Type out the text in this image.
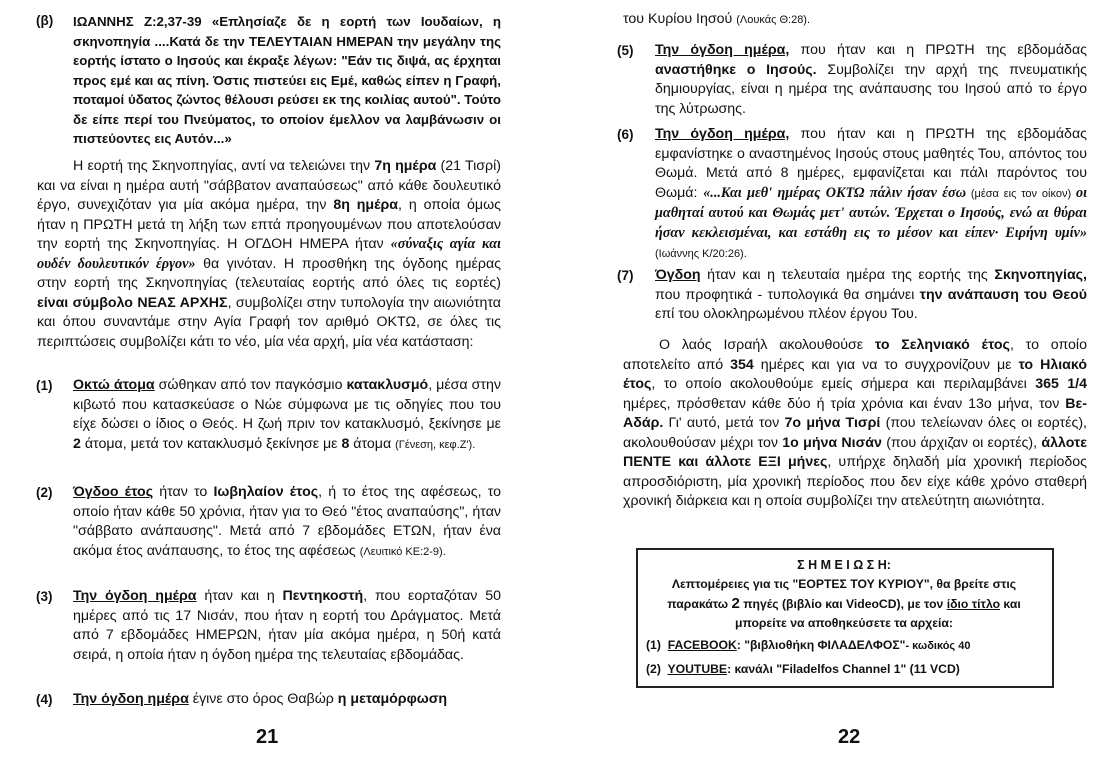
(β) ΙΩΑΝΝΗΣ Ζ:2,37-39 «Επλησίαζε δε η εορτή των Ιουδαίων, η σκηνοπηγία ....Κατά δε την ΤΕΛΕΥΤΑΙΑΝ ΗΜΕΡΑΝ την μεγάλην της εορτής ίστατο ο Ιησούς και έκραξε λέγων: "Εάν τις διψά, ας έρχηται προς εμέ και ας πίνη. Όστις πιστεύει εις Εμέ, καθώς είπεν η Γραφή, ποταμοί ύδατος ζώντος θέλουσι ρεύσει εκ της κοιλίας αυτού". Τούτο δε είπε περί του Πνεύματος, το οποίον έμελλον να λαμβάνωσιν οι πιστεύοντες εις Αυτόν...»
Η εορτή της Σκηνοπηγίας, αντί να τελειώνει την 7η ημέρα (21 Τισρί) και να είναι η ημέρα αυτή "σάββατον αναπαύσεως" από κάθε δουλευτικό έργο, συνεχιζόταν για μία ακόμα ημέρα, την 8η ημέρα, η οποία όμως ήταν η ΠΡΩΤΗ μετά τη λήξη των επτά προηγουμένων που αποτελούσαν την εορτή της Σκηνοπηγίας. Η ΟΓΔΟΗ ΗΜΕΡΑ ήταν «σύναξις αγία και ουδέν δουλευτικόν έργον» θα γινόταν. Η προσθήκη της όγδοης ημέρας στην εορτή της Σκηνοπηγίας (τελευταίας εορτής από όλες τις εορτές) είναι σύμβολο ΝΕΑΣ ΑΡΧΗΣ, συμβολίζει στην τυπολογία την αιωνιότητα και όπου συναντάμε στην Αγία Γραφή τον αριθμό ΟΚΤΩ, σε όλες τις περιπτώσεις συμβολίζει κάτι το νέο, μία νέα αρχή, μία νέα κατάσταση:
(1) Οκτώ άτομα σώθηκαν από τον παγκόσμιο κατακλυσμό, μέσα στην κιβωτό που κατασκεύασε ο Νώε σύμφωνα με τις οδηγίες που του είχε δώσει ο ίδιος ο Θεός. Η ζωή πριν τον κατακλυσμό, ξεκίνησε με 2 άτομα, μετά τον κατακλυσμό ξεκίνησε με 8 άτομα (Γένεση, κεφ.Ζ').
(2) Όγδοο έτος ήταν το Ιωβηλαίον έτος, ή το έτος της αφέσεως, το οποίο ήταν κάθε 50 χρόνια, ήταν για το Θεό "έτος αναπαύσης", ήταν "σάββατο ανάπαυσης". Μετά από 7 εβδομάδες ΕΤΩΝ, ήταν ένα ακόμα έτος ανάπαυσης, το έτος της αφέσεως (Λευιτικό ΚΕ:2-9).
(3) Την όγδοη ημέρα ήταν και η Πεντηκοστή, που εορταζόταν 50 ημέρες από τις 17 Νισάν, που ήταν η εορτή του Δράγματος. Μετά από 7 εβδομάδες ΗΜΕΡΩΝ, ήταν μία ακόμα ημέρα, η 50ή κατά σειρά, η οποία ήταν η όγδοη ημέρα της τελευταίας εβδομάδας.
(4) Την όγδοη ημέρα έγινε στο όρος Θαβώρ η μεταμόρφωση
21
του Κυρίου Ιησού (Λουκάς Θ:28).
(5) Την όγδοη ημέρα, που ήταν και η ΠΡΩΤΗ της εβδομάδας αναστήθηκε ο Ιησούς. Συμβολίζει την αρχή της πνευματικής δημιουργίας, είναι η ημέρα της ανάπαυσης του Ιησού από το έργο της λύτρωσης.
(6) Την όγδοη ημέρα, που ήταν και η ΠΡΩΤΗ της εβδομάδας εμφανίστηκε ο αναστημένος Ιησούς στους μαθητές Του, απόντος του Θωμά. Μετά από 8 ημέρες, εμφανίζεται και πάλι παρόντος του Θωμά: «...Και μεθ' ημέρας ΟΚΤΩ πάλιν ήσαν έσω (μέσα εις τον οίκον) οι μαθηταί αυτού και Θωμάς μετ' αυτών. Έρχεται ο Ιησούς, ενώ αι θύραι ήσαν κεκλεισμέναι, και εστάθη εις το μέσον και είπεν· Ειρήνη υμίν» (Ιωάννης Κ/20:26).
(7) Όγδοη ήταν και η τελευταία ημέρα της εορτής της Σκηνοπηγίας, που προφητικά - τυπολογικά θα σημάνει την ανάπαυση του Θεού επί του ολοκληρωμένου πλέον έργου Του.
Ο λαός Ισραήλ ακολουθούσε το Σεληνιακό έτος, το οποίο αποτελείτο από 354 ημέρες και για να το συγχρονίζουν με το Ηλιακό έτος, το οποίο ακολουθούμε εμείς σήμερα και περιλαμβάνει 365 1/4 ημέρες, πρόσθεταν κάθε δύο ή τρία χρόνια και έναν 13ο μήνα, τον Βε-Αδάρ. Γι' αυτό, μετά τον 7ο μήνα Τισρί (που τελείωναν όλες οι εορτές), ακολουθούσαν μέχρι τον 1ο μήνα Νισάν (που άρχιζαν οι εορτές), άλλοτε ΠΕΝΤΕ και άλλοτε ΕΞΙ μήνες, υπήρχε δηλαδή μία χρονική περίοδος απροσδιόριστη, μία χρονική περίοδος που δεν είχε κάθε χρόνο σταθερή χρονική διάρκεια και η οποία συμβολίζει την ατελεύτητη αιωνιότητα.
22
Σ Η Μ Ε Ι Ω Σ Η:
Λεπτομέρειες για τις "ΕΟΡΤΕΣ ΤΟΥ ΚΥΡΙΟΥ", θα βρείτε στις παρακάτω 2 πηγές (βιβλίο και VideoCD), με τον ίδιο τίτλο και μπορείτε να αποθηκεύσετε τα αρχεία:
(1) FACEBOOK: "βιβλιοθήκη ΦΙΛΑΔΕΛΦΟΣ"- κωδικός 40
(2) YOUTUBE: κανάλι "Filadelfos Channel 1" (11 VCD)
